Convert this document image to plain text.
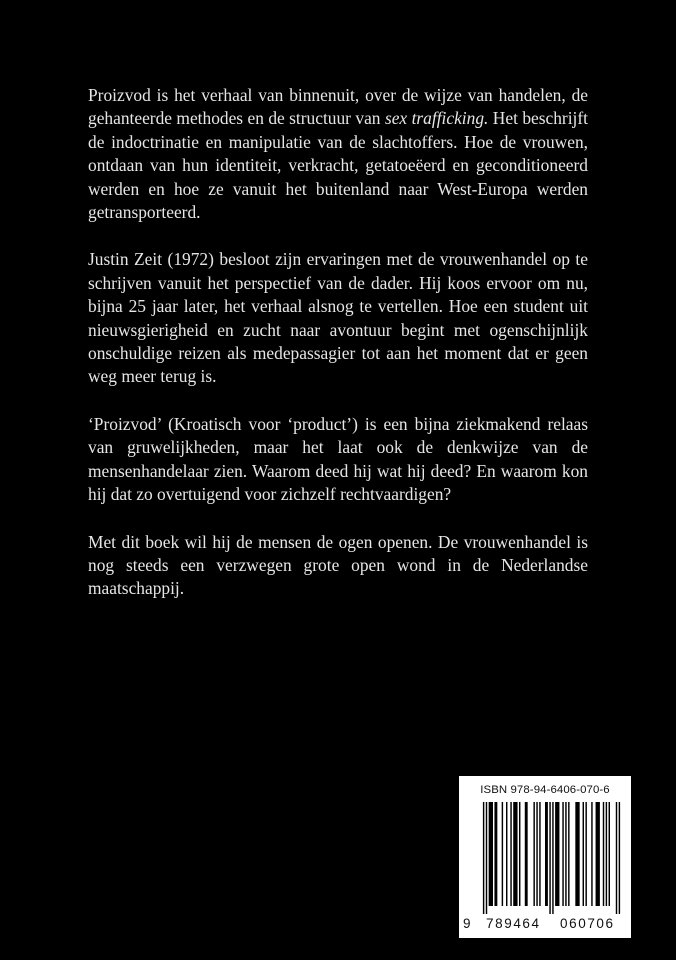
Proizvod is het verhaal van binnenuit, over de wijze van handelen, de gehanteerde methodes en de structuur van sex trafficking. Het beschrijft de indoctrinatie en manipulatie van de slachtoffers. Hoe de vrouwen, ontdaan van hun identiteit, verkracht, getatoeëerd en geconditioneerd werden en hoe ze vanuit het buitenland naar West-Europa werden getransporteerd.

Justin Zeit (1972) besloot zijn ervaringen met de vrouwenhandel op te schrijven vanuit het perspectief van de dader. Hij koos ervoor om nu, bijna 25 jaar later, het verhaal alsnog te vertellen. Hoe een student uit nieuwsgierigheid en zucht naar avontuur begint met ogenschijnlijk onschuldige reizen als medepassagier tot aan het moment dat er geen weg meer terug is.

‘Proizvod’ (Kroatisch voor ‘product’) is een bijna ziekmakend relaas van gruwelijkheden, maar het laat ook de denkwijze van de mensenhandelaar zien. Waarom deed hij wat hij deed? En waarom kon hij dat zo overtuigend voor zichzelf rechtvaardigen?

Met dit boek wil hij de mensen de ogen openen. De vrouwenhandel is nog steeds een verzwegen grote open wond in de Nederlandse maatschappij.

ISBN 978-94-6406-070-6
9 789464 060706
